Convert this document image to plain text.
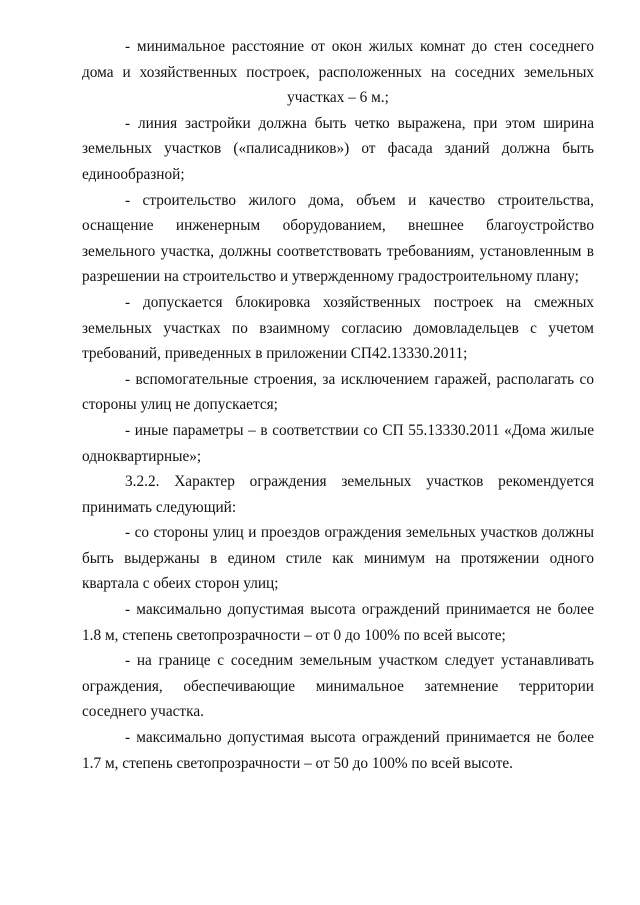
- минимальное расстояние от окон жилых комнат до стен соседнего дома и хозяйственных построек, расположенных на соседних земельных участках – 6 м.;

- линия застройки должна быть четко выражена, при этом ширина земельных участков («палисадников») от фасада зданий должна быть единообразной;

- строительство жилого дома, объем и качество строительства, оснащение инженерным оборудованием, внешнее благоустройство земельного участка, должны соответствовать требованиям, установленным в разрешении на строительство и утвержденному градостроительному плану;

- допускается блокировка хозяйственных построек на смежных земельных участках по взаимному согласию домовладельцев с учетом требований, приведенных в приложении СП42.13330.2011;

- вспомогательные строения, за исключением гаражей, располагать со стороны улиц не допускается;

- иные параметры – в соответствии со СП 55.13330.2011 «Дома жилые одноквартирные»;

3.2.2. Характер ограждения земельных участков рекомендуется принимать следующий:

- со стороны улиц и проездов ограждения земельных участков должны быть выдержаны в едином стиле как минимум на протяжении одного квартала с обеих сторон улиц;

- максимально допустимая высота ограждений принимается не более 1.8 м, степень светопрозрачности – от 0 до 100% по всей высоте;

- на границе с соседним земельным участком следует устанавливать ограждения, обеспечивающие минимальное затемнение территории соседнего участка.

- максимально допустимая высота ограждений принимается не более 1.7 м, степень светопрозрачности – от 50 до 100% по всей высоте.
